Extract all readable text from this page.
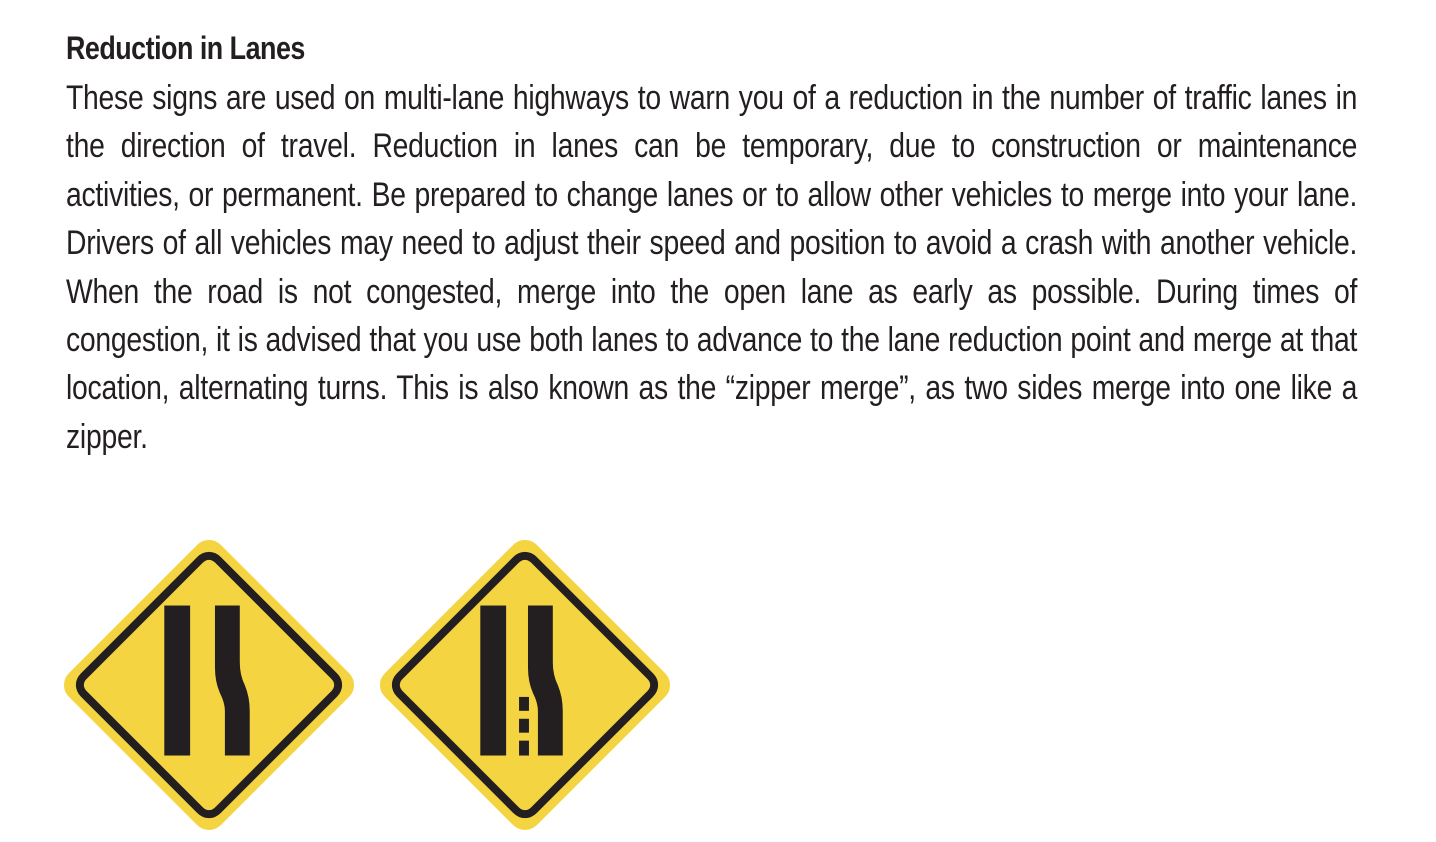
Reduction in Lanes

These signs are used on multi-lane highways to warn you of a reduction in the number of traffic lanes in the direction of travel. Reduction in lanes can be temporary, due to construction or maintenance activities, or permanent. Be prepared to change lanes or to allow other vehicles to merge into your lane. Drivers of all vehicles may need to adjust their speed and position to avoid a crash with another vehicle. When the road is not congested, merge into the open lane as early as possible. During times of congestion, it is advised that you use both lanes to advance to the lane reduction point and merge at that location, alternating turns. This is also known as the “zipper merge”, as two sides merge into one like a zipper.
